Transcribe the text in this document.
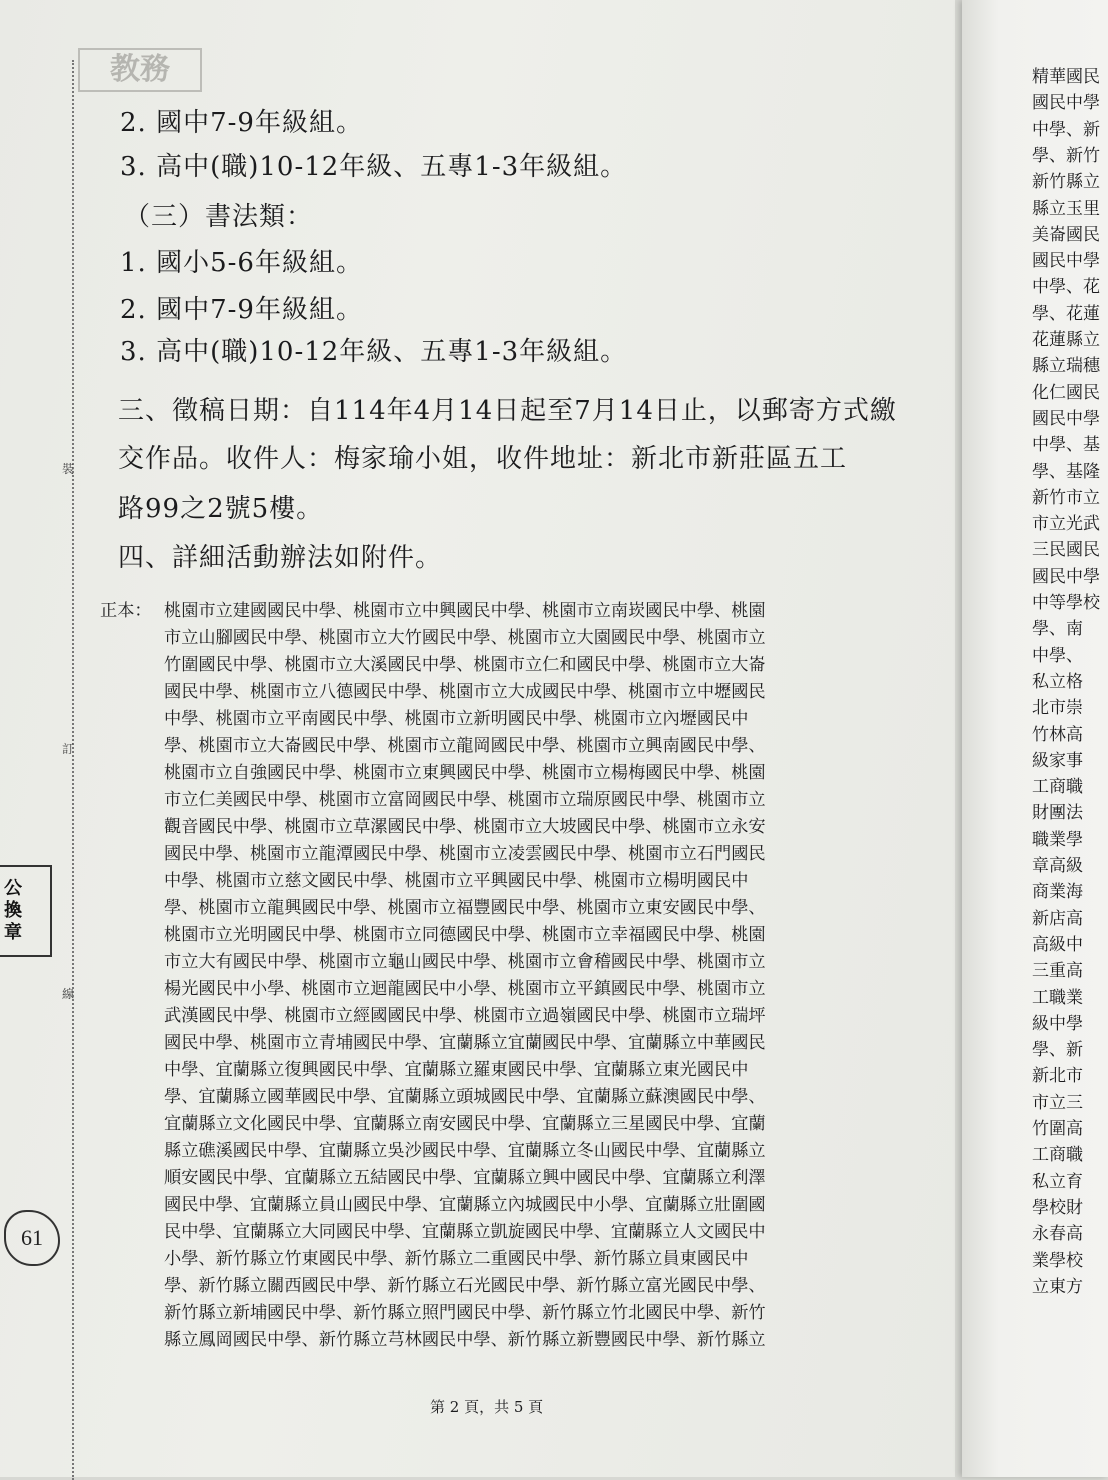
教務
裝
訂
線
公
換
章
61
2. 國中7-9年級組。
3. 高中(職)10-12年級、五專1-3年級組。
（三）書法類：
1. 國小5-6年級組。
2. 國中7-9年級組。
3. 高中(職)10-12年級、五專1-3年級組。
三、徵稿日期：自114年4月14日起至7月14日止，以郵寄方式繳
交作品。收件人：梅家瑜小姐，收件地址：新北市新莊區五工
路99之2號5樓。
四、詳細活動辦法如附件。
正本： 桃園市立建國國民中學、桃園市立中興國民中學、桃園市立南崁國民中學、桃園
市立山腳國民中學、桃園市立大竹國民中學、桃園市立大園國民中學、桃園市立
竹圍國民中學、桃園市立大溪國民中學、桃園市立仁和國民中學、桃園市立大崙
國民中學、桃園市立八德國民中學、桃園市立大成國民中學、桃園市立中壢國民
中學、桃園市立平南國民中學、桃園市立新明國民中學、桃園市立內壢國民中
學、桃園市立大崙國民中學、桃園市立龍岡國民中學、桃園市立興南國民中學、
桃園市立自強國民中學、桃園市立東興國民中學、桃園市立楊梅國民中學、桃園
市立仁美國民中學、桃園市立富岡國民中學、桃園市立瑞原國民中學、桃園市立
觀音國民中學、桃園市立草漯國民中學、桃園市立大坡國民中學、桃園市立永安
國民中學、桃園市立龍潭國民中學、桃園市立凌雲國民中學、桃園市立石門國民
中學、桃園市立慈文國民中學、桃園市立平興國民中學、桃園市立楊明國民中
學、桃園市立龍興國民中學、桃園市立福豐國民中學、桃園市立東安國民中學、
桃園市立光明國民中學、桃園市立同德國民中學、桃園市立幸福國民中學、桃園
市立大有國民中學、桃園市立龜山國民中學、桃園市立會稽國民中學、桃園市立
楊光國民中小學、桃園市立迴龍國民中小學、桃園市立平鎮國民中學、桃園市立
武漢國民中學、桃園市立經國國民中學、桃園市立過嶺國民中學、桃園市立瑞坪
國民中學、桃園市立青埔國民中學、宜蘭縣立宜蘭國民中學、宜蘭縣立中華國民
中學、宜蘭縣立復興國民中學、宜蘭縣立羅東國民中學、宜蘭縣立東光國民中
學、宜蘭縣立國華國民中學、宜蘭縣立頭城國民中學、宜蘭縣立蘇澳國民中學、
宜蘭縣立文化國民中學、宜蘭縣立南安國民中學、宜蘭縣立三星國民中學、宜蘭
縣立礁溪國民中學、宜蘭縣立吳沙國民中學、宜蘭縣立冬山國民中學、宜蘭縣立
順安國民中學、宜蘭縣立五結國民中學、宜蘭縣立興中國民中學、宜蘭縣立利澤
國民中學、宜蘭縣立員山國民中學、宜蘭縣立內城國民中小學、宜蘭縣立壯圍國
民中學、宜蘭縣立大同國民中學、宜蘭縣立凱旋國民中學、宜蘭縣立人文國民中
小學、新竹縣立竹東國民中學、新竹縣立二重國民中學、新竹縣立員東國民中
學、新竹縣立關西國民中學、新竹縣立石光國民中學、新竹縣立富光國民中學、
新竹縣立新埔國民中學、新竹縣立照門國民中學、新竹縣立竹北國民中學、新竹
縣立鳳岡國民中學、新竹縣立芎林國民中學、新竹縣立新豐國民中學、新竹縣立
第 2 頁，共 5 頁
精華國民
國民中學
中學、新
學、新竹
新竹縣立
縣立玉里
美崙國民
國民中學
中學、花
學、花蓮
花蓮縣立
縣立瑞穗
化仁國民
國民中學
中學、基
學、基隆
新竹市立
市立光武
三民國民
國民中學
中等學校
學、南
中學、
私立格
北市崇
竹林高
級家事
工商職
財團法
職業學
章高級
商業海
新店高
高級中
三重高
工職業
級中學
學、新
新北市
市立三
竹圍高
工商職
私立育
學校財
永春高
業學校
立東方
